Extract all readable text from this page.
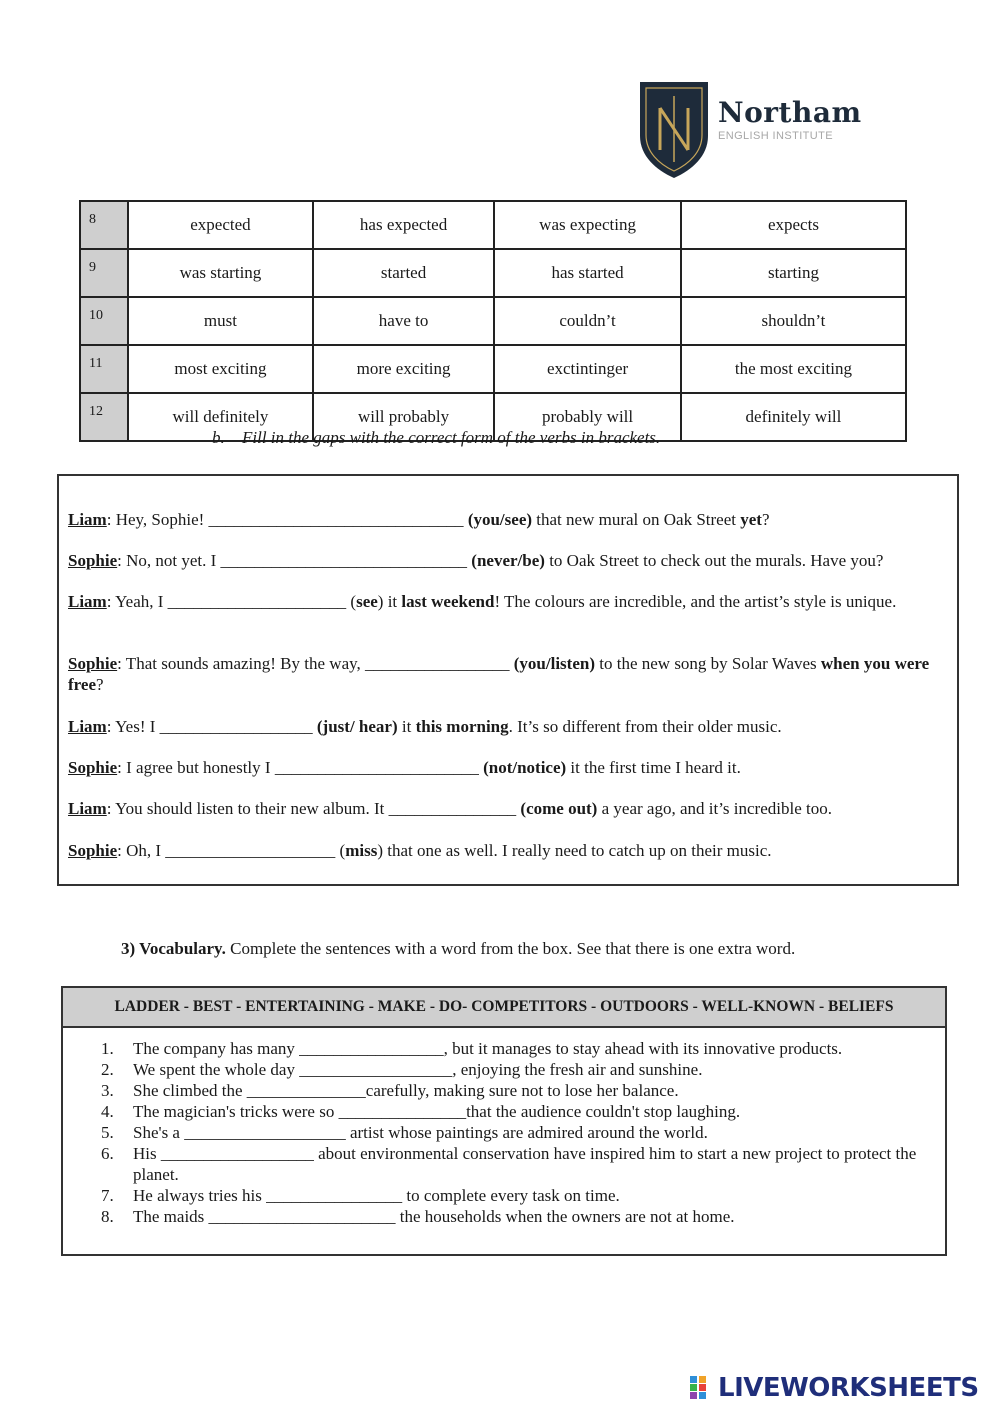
Northam
ENGLISH INSTITUTE
8	expected	has expected	was expecting	expects
9	was starting	started	has started	starting
10	must	have to	couldn’t	shouldn’t
11	most exciting	more exciting	exctintinger	the most exciting
12	will definitely	will probably	probably will	definitely will
b. Fill in the gaps with the correct form of the verbs in brackets.

Liam: Hey, Sophie! ______________________________ (you/see) that new mural on Oak Street yet?

Sophie: No, not yet. I _____________________________ (never/be) to Oak Street to check out the murals. Have you?

Liam: Yeah, I _____________________ (see) it last weekend! The colours are incredible, and the artist’s style is unique.

Sophie: That sounds amazing! By the way, _________________ (you/listen) to the new song by Solar Waves when you were free?

Liam: Yes! I __________________ (just/ hear) it this morning. It’s so different from their older music.

Sophie: I agree but honestly I ________________________ (not/notice) it the first time I heard it.

Liam: You should listen to their new album. It _______________ (come out) a year ago, and it’s incredible too.

Sophie: Oh, I ____________________ (miss) that one as well. I really need to catch up on their music.

3) Vocabulary. Complete the sentences with a word from the box. See that there is one extra word.
LADDER - BEST - ENTERTAINING - MAKE - DO- COMPETITORS - OUTDOORS - WELL-KNOWN - BELIEFS
1. The company has many _________________, but it manages to stay ahead with its innovative products.
2. We spent the whole day __________________, enjoying the fresh air and sunshine.
3. She climbed the ______________carefully, making sure not to lose her balance.
4. The magician's tricks were so _______________that the audience couldn't stop laughing.
5. She's a ___________________ artist whose paintings are admired around the world.
6. His __________________ about environmental conservation have inspired him to start a new project to protect the planet.
7. He always tries his ________________ to complete every task on time.
8. The maids ______________________ the households when the owners are not at home.
LIVEWORKSHEETS
